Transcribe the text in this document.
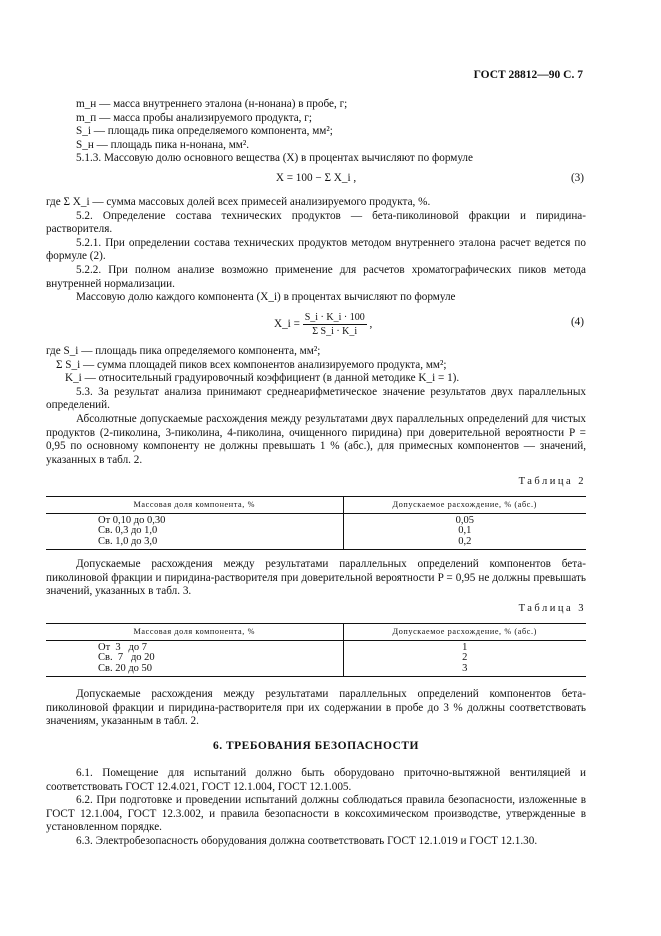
ГОСТ 28812—90 С. 7

m_н — масса внутреннего эталона (н-нонана) в пробе, г;

m_п — масса пробы анализируемого продукта, г;

S_i — площадь пика определяемого компонента, мм²;

S_н — площадь пика н-нонана, мм².

5.1.3. Массовую долю основного вещества (X) в процентах вычисляют по формуле

X = 100 − Σ X_i ,	(3)

где Σ X_i — сумма массовых долей всех примесей анализируемого продукта, %.

5.2. Определение состава технических продуктов — бета-пиколиновой фракции и пиридина-растворителя.

5.2.1. При определении состава технических продуктов методом внутреннего эталона расчет ведется по формуле (2).

5.2.2. При полном анализе возможно применение для расчетов хроматографических пиков метода внутренней нормализации.

Массовую долю каждого компонента (X_i) в процентах вычисляют по формуле

X_i = $\frac{S\_i \cdot K\_i \cdot 100}{\text{Σ S\_i · K\_i}}$ ,	(4)

где S_i — площадь пика определяемого компонента, мм²;

Σ S_i — сумма площадей пиков всех компонентов анализируемого продукта, мм²;

K_i — относительный градуировочный коэффициент (в данной методике K_i = 1).

5.3. За результат анализа принимают среднеарифметическое значение результатов двух параллельных определений.

Абсолютные допускаемые расхождения между результатами двух параллельных определений для чистых продуктов (2-пиколина, 3-пиколина, 4-пиколина, очищенного пиридина) при доверительной вероятности P = 0,95 по основному компоненту не должны превышать 1 % (абс.), для примесных компонентов — значений, указанных в табл. 2.

Таблица 2

Массовая доля компонента, %	Допускаемое расхождение, % (абс.)
От 0,10 до 0,30	0,05
Св. 0,3 до 1,0	0,1
Св. 1,0 до 3,0	0,2

Допускаемые расхождения между результатами параллельных определений компонентов бета-пиколиновой фракции и пиридина-растворителя при доверительной вероятности P = 0,95 не должны превышать значений, указанных в табл. 3.

Таблица 3

Массовая доля компонента, %	Допускаемое расхождение, % (абс.)
От  3   до 7	1
Св.  7   до 20	2
Св. 20 до 50	3

Допускаемые расхождения между результатами параллельных определений компонентов бета-пиколиновой фракции и пиридина-растворителя при их содержании в пробе до 3 % должны соответствовать значениям, указанным в табл. 2.

6. ТРЕБОВАНИЯ БЕЗОПАСНОСТИ

6.1. Помещение для испытаний должно быть оборудовано приточно-вытяжной вентиляцией и соответствовать ГОСТ 12.4.021, ГОСТ 12.1.004, ГОСТ 12.1.005.

6.2. При подготовке и проведении испытаний должны соблюдаться правила безопасности, изложенные в ГОСТ 12.1.004, ГОСТ 12.3.002, и правила безопасности в коксохимическом производстве, утвержденные в установленном порядке.

6.3. Электробезопасность оборудования должна соответствовать ГОСТ 12.1.019 и ГОСТ 12.1.30.
